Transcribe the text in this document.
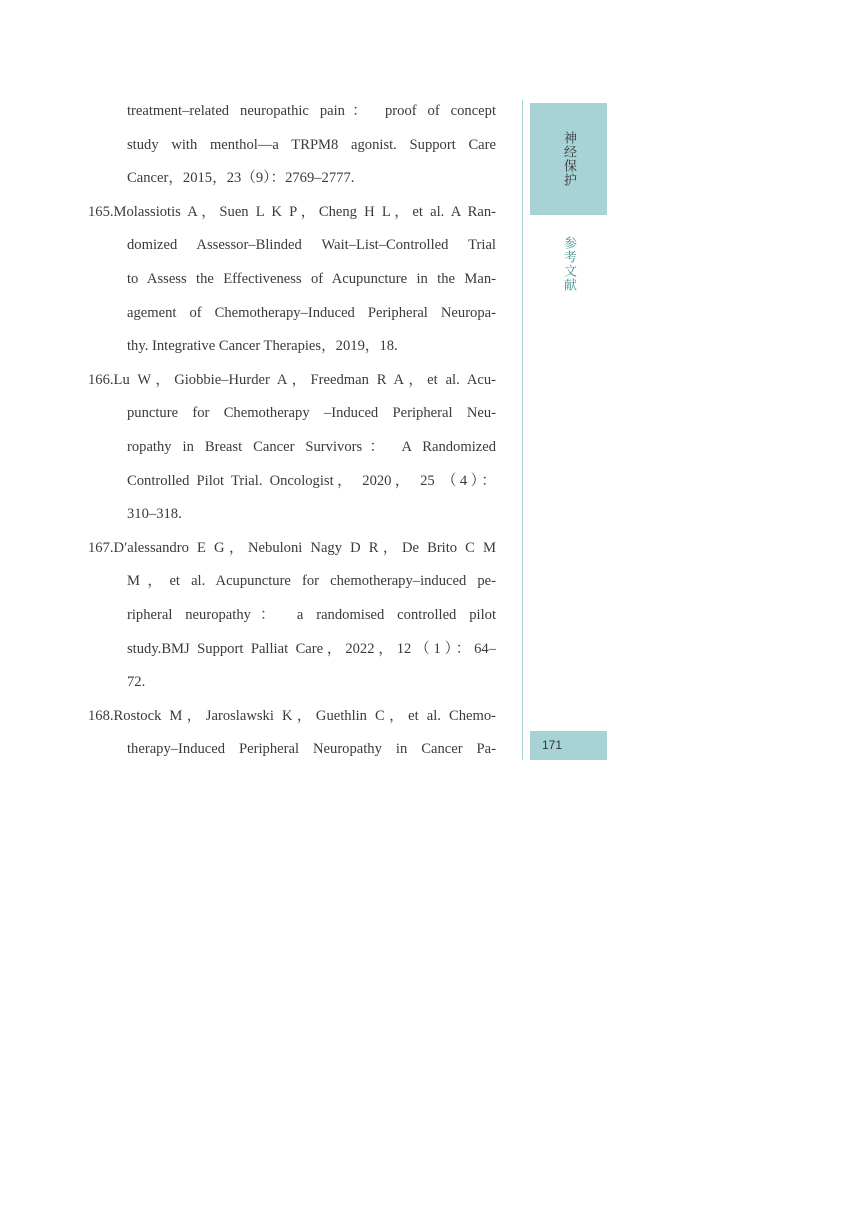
treatment–related neuropathic pain： proof of concept
study with menthol––a TRPM8 agonist. Support Care
Cancer，2015，23（9）：2769–2777.
165.Molassiotis A，Suen L K P，Cheng H L，et al. A Ran-
domized Assessor–Blinded Wait–List–Controlled Trial
to Assess the Effectiveness of Acupuncture in the Man-
agement of Chemotherapy–Induced Peripheral Neuropa-
thy. Integrative Cancer Therapies，2019，18.
166.Lu W，Giobbie–Hurder A，Freedman R A，et al. Acu-
puncture for Chemotherapy –Induced Peripheral Neu-
ropathy in Breast Cancer Survivors： A Randomized
Controlled Pilot Trial. Oncologist， 2020， 25 （4）：
310–318.
167.D′alessandro E G，Nebuloni Nagy D R，De Brito C M
M，et al. Acupuncture for chemotherapy–induced pe-
ripheral neuropathy： a randomised controlled pilot
study.BMJ Support Palliat Care，2022，12（1）：64–
72.
168.Rostock M，Jaroslawski K，Guethlin C，et al. Chemo-
therapy–Induced Peripheral Neuropathy in Cancer Pa-
神经保护
参考文献
171
